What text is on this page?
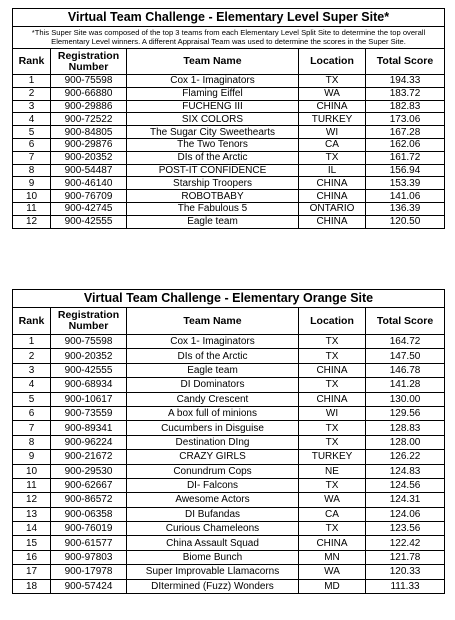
Virtual Team Challenge - Elementary Level Super Site*				
*This Super Site was composed of the top 3 teams from each Elementary Level Split Site to determine the top overall Elementary Level winners. A different Appraisal Team was used to determine the scores in the Super Site.				
Rank	Registration Number	Team Name	Location	Total Score
1	900-75598	Cox 1- Imaginators	TX	194.33
2	900-66880	Flaming Eiffel	WA	183.72
3	900-29886	FUCHENG III	CHINA	182.83
4	900-72522	SIX COLORS	TURKEY	173.06
5	900-84805	The Sugar City Sweethearts	WI	167.28
6	900-29876	The Two Tenors	CA	162.06
7	900-20352	DIs of the Arctic	TX	161.72
8	900-54487	POST-IT CONFIDENCE	IL	156.94
9	900-46140	Starship Troopers	CHINA	153.39
10	900-76709	ROBOTBABY	CHINA	141.06
11	900-42745	The Fabulous 5	ONTARIO	136.39
12	900-42555	Eagle team	CHINA	120.50
Virtual Team Challenge - Elementary Orange Site				
Rank	Registration Number	Team Name	Location	Total Score
1	900-75598	Cox 1- Imaginators	TX	164.72
2	900-20352	DIs of the Arctic	TX	147.50
3	900-42555	Eagle team	CHINA	146.78
4	900-68934	DI Dominators	TX	141.28
5	900-10617	Candy Crescent	CHINA	130.00
6	900-73559	A box full of minions	WI	129.56
7	900-89341	Cucumbers in Disguise	TX	128.83
8	900-96224	Destination DIng	TX	128.00
9	900-21672	CRAZY GIRLS	TURKEY	126.22
10	900-29530	Conundrum Cops	NE	124.83
11	900-62667	DI- Falcons	TX	124.56
12	900-86572	Awesome Actors	WA	124.31
13	900-06358	DI Bufandas	CA	124.06
14	900-76019	Curious Chameleons	TX	123.56
15	900-61577	China Assault Squad	CHINA	122.42
16	900-97803	Biome Bunch	MN	121.78
17	900-17978	Super Improvable Llamacorns	WA	120.33
18	900-57424	DItermined (Fuzz) Wonders	MD	111.33
